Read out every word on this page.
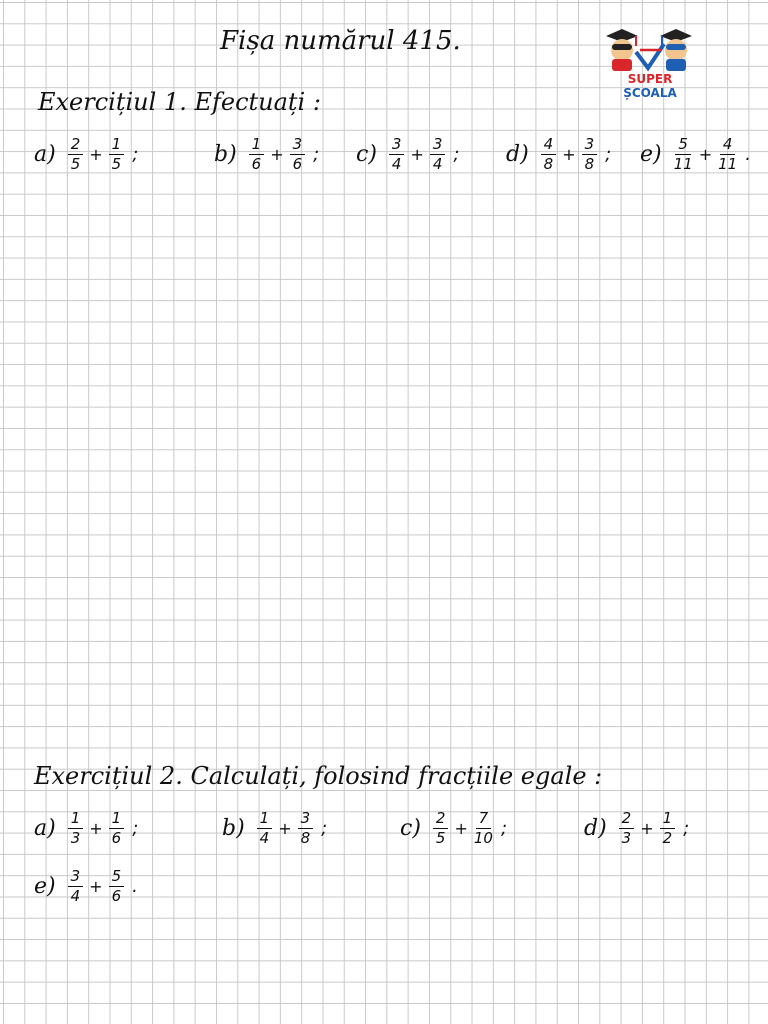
Fișa numărul 415.
SUPER ȘCOALA
Exercițiul 1. Efectuați :
$a) \frac{2}{5} + \frac{1}{5}$ ;	$b) \frac{1}{6} + \frac{3}{6}$ ; $c) \frac{3}{4} + \frac{3}{4}$ ; $d) \frac{4}{8} + \frac{3}{8}$ ; $e) \frac{5}{11} + \frac{4}{11}$ .
Exercițiul 2. Calculați, folosind fracțiile egale :
$a) \frac{1}{3} + \frac{1}{6}$ ;	$b) \frac{1}{4} + \frac{3}{8}$ ;	$c) \frac{2}{5} + \frac{7}{10}$ ;	$d) \frac{2}{3} + \frac{1}{2}$ ;
$e) \frac{3}{4} + \frac{5}{6}$ .
